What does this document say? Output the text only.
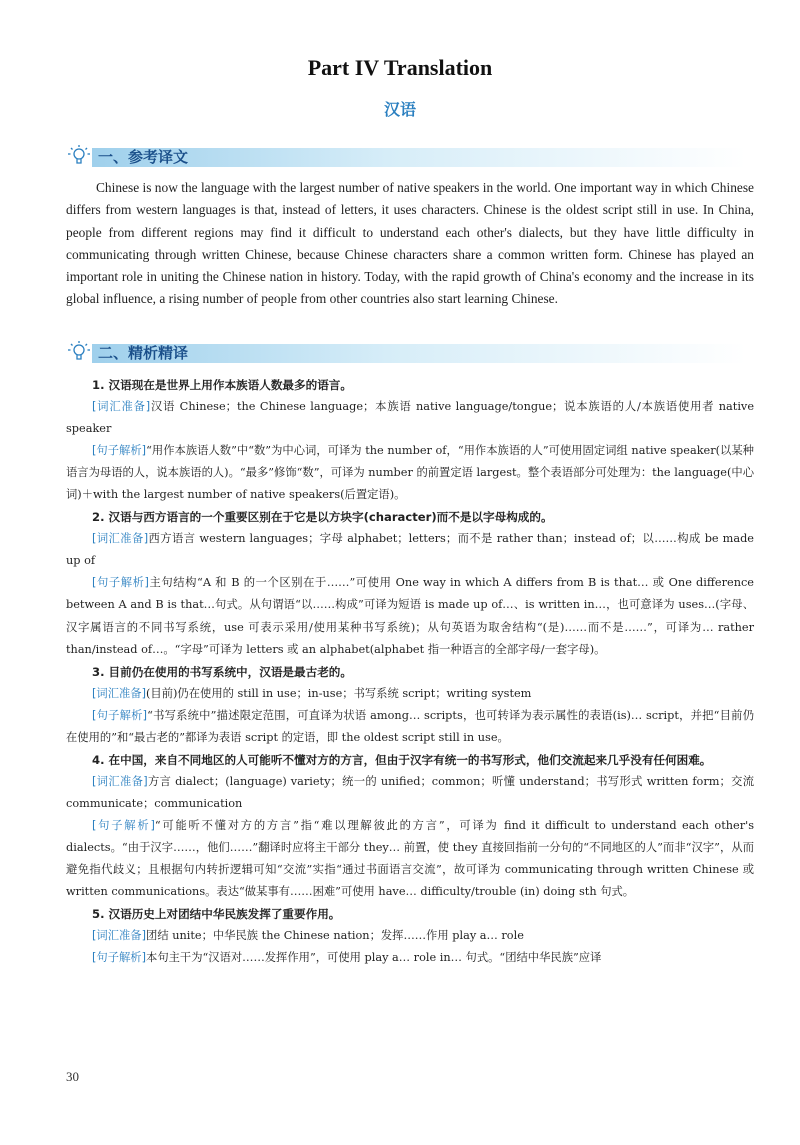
Part IV Translation
汉语
一、参考译文

Chinese is now the language with the largest number of native speakers in the world. One important way in which Chinese differs from western languages is that, instead of letters, it uses characters. Chinese is the oldest script still in use. In China, people from different regions may find it difficult to understand each other's dialects, but they have little difficulty in communicating through written Chinese, because Chinese characters share a common written form. Chinese has played an important role in uniting the Chinese nation in history. Today, with the rapid growth of China's economy and the increase in its global influence, a rising number of people from other countries also start learning Chinese.

二、精析精译

1. 汉语现在是世界上用作本族语人数最多的语言。

[词汇准备]汉语 Chinese；the Chinese language；本族语 native language/tongue；说本族语的人/本族语使用者 native speaker

[句子解析]“用作本族语人数”中“数”为中心词，可译为 the number of，“用作本族语的人”可使用固定词组 native speaker(以某种语言为母语的人，说本族语的人)。“最多”修饰“数”，可译为 number 的前置定语 largest。整个表语部分可处理为：the language(中心词)＋with the largest number of native speakers(后置定语)。

2. 汉语与西方语言的一个重要区别在于它是以方块字(character)而不是以字母构成的。

[词汇准备]西方语言 western languages；字母 alphabet；letters；而不是 rather than；instead of；以……构成 be made up of

[句子解析]主句结构“A 和 B 的一个区别在于……”可使用 One way in which A differs from B is that… 或 One difference between A and B is that…句式。从句谓语“以……构成”可译为短语 is made up of…、is written in…，也可意译为 uses…(字母、汉字属语言的不同书写系统，use 可表示采用/使用某种书写系统)；从句英语为取舍结构“(是)……而不是……”，可译为… rather than/instead of…。“字母”可译为 letters 或 an alphabet(alphabet 指一种语言的全部字母/一套字母)。

3. 目前仍在使用的书写系统中，汉语是最古老的。

[词汇准备](目前)仍在使用的 still in use；in-use；书写系统 script；writing system

[句子解析]“书写系统中”描述限定范围，可直译为状语 among… scripts，也可转译为表示属性的表语(is)… script，并把“目前仍在使用的”和“最古老的”都译为表语 script 的定语，即 the oldest script still in use。

4. 在中国，来自不同地区的人可能听不懂对方的方言，但由于汉字有统一的书写形式，他们交流起来几乎没有任何困难。

[词汇准备]方言 dialect；(language) variety；统一的 unified；common；听懂 understand；书写形式 written form；交流 communicate；communication

[句子解析]“可能听不懂对方的方言”指“难以理解彼此的方言”，可译为 find it difficult to understand each other's dialects。“由于汉字……，他们……”翻译时应将主干部分 they… 前置，使 they 直接回指前一分句的“不同地区的人”而非“汉字”，从而避免指代歧义；且根据句内转折逻辑可知“交流”实指“通过书面语言交流”，故可译为 communicating through written Chinese 或 written communications。表达“做某事有……困难”可使用 have… difficulty/trouble (in) doing sth 句式。

5. 汉语历史上对团结中华民族发挥了重要作用。

[词汇准备]团结 unite；中华民族 the Chinese nation；发挥……作用 play a… role

[句子解析]本句主干为“汉语对……发挥作用”，可使用 play a… role in… 句式。“团结中华民族”应译

30
